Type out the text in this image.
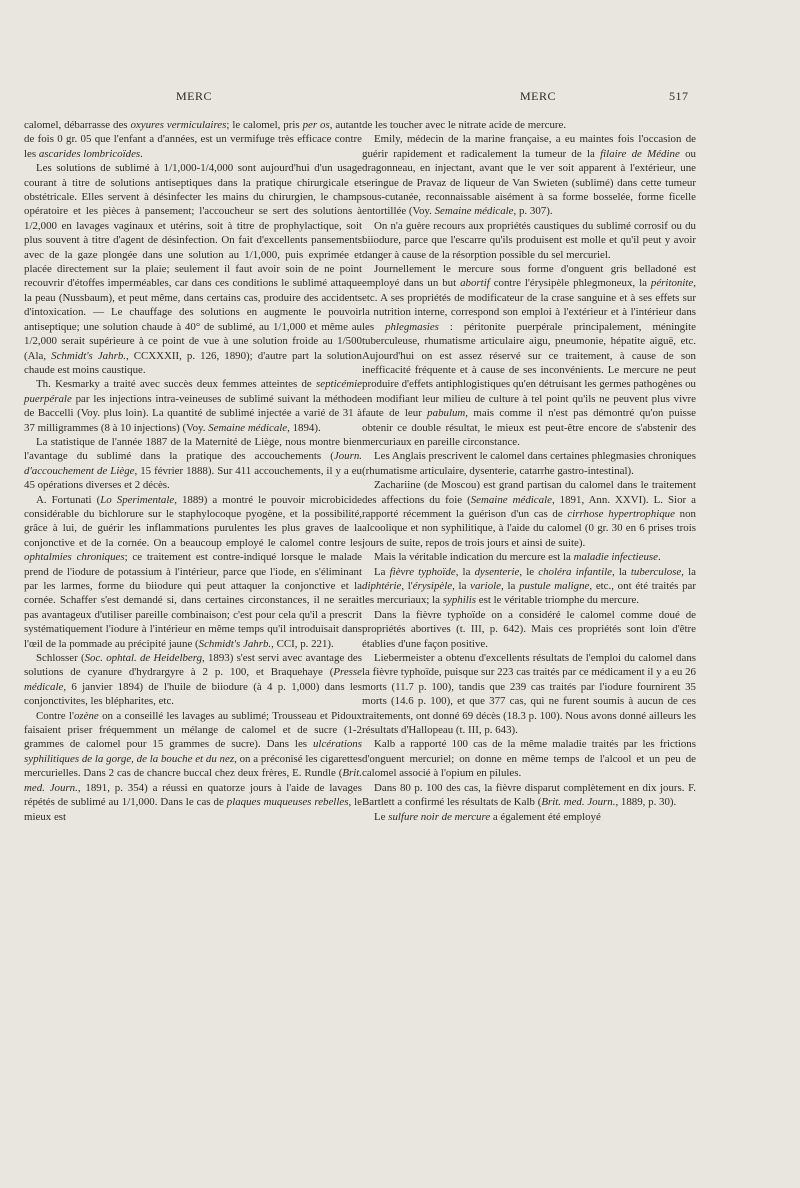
MERC	MERC	517

calomel, débarrasse des oxyures vermiculaires; le calomel, pris per os, autant de fois 0 gr. 05 que l'enfant a d'années, est un vermifuge très efficace contre les ascarides lombricoïdes.

Les solutions de sublimé à 1/1,000-1/4,000 sont aujourd'hui d'un usage courant à titre de solutions antiseptiques dans la pratique chirurgicale et obstétricale. Elles servent à désinfecter les mains du chirurgien, le champ opératoire et les pièces à pansement; l'accoucheur se sert des solutions à 1/2,000 en lavages vaginaux et utérins, soit à titre de prophylactique, soit plus souvent à titre d'agent de désinfection. On fait d'excellents pansements avec de la gaze plongée dans une solution au 1/1,000, puis exprimée et placée directement sur la plaie; seulement il faut avoir soin de ne point recouvrir d'étoffes imperméables, car dans ces conditions le sublimé attaque la peau (Nussbaum), et peut même, dans certains cas, produire des accidents d'intoxication. — Le chauffage des solutions en augmente le pouvoir antiseptique; une solution chaude à 40° de sublimé, au 1/1,000 et même au 1/2,000 serait supérieure à ce point de vue à une solution froide au 1/500 (Ala, Schmidt's Jahrb., CCXXXII, p. 126, 1890); d'autre part la solution chaude est moins caustique.

Th. Kesmarky a traité avec succès deux femmes atteintes de septicémie puerpérale par les injections intra-veineuses de sublimé suivant la méthode de Baccelli (Voy. plus loin). La quantité de sublimé injectée a varié de 31 à 37 milligrammes (8 à 10 injections) (Voy. Semaine médicale, 1894).

La statistique de l'année 1887 de la Maternité de Liège, nous montre bien l'avantage du sublimé dans la pratique des accouchements (Journ. d'accouchement de Liège, 15 février 1888). Sur 411 accouchements, il y a eu 45 opérations diverses et 2 décès.

A. Fortunati (Lo Sperimentale, 1889) a montré le pouvoir microbicide considérable du bichlorure sur le staphylocoque pyogène, et la possibilité, grâce à lui, de guérir les inflammations purulentes les plus graves de la conjonctive et de la cornée. On a beaucoup employé le calomel contre les ophtalmies chroniques; ce traitement est contre-indiqué lorsque le malade prend de l'iodure de potassium à l'intérieur, parce que l'iode, en s'éliminant par les larmes, forme du biiodure qui peut attaquer la conjonctive et la cornée. Schaffer s'est demandé si, dans certaines circonstances, il ne serait pas avantageux d'utiliser pareille combinaison; c'est pour cela qu'il a prescrit systématiquement l'iodure à l'intérieur en même temps qu'il introduisait dans l'œil de la pommade au précipité jaune (Schmidt's Jahrb., CCI, p. 221).

Schlosser (Soc. ophtal. de Heidelberg, 1893) s'est servi avec avantage des solutions de cyanure d'hydrargyre à 2 p. 100, et Braquehaye (Presse médicale, 6 janvier 1894) de l'huile de biiodure (à 4 p. 1,000) dans les conjonctivites, les blépharites, etc.

Contre l'ozène on a conseillé les lavages au sublimé; Trousseau et Pidoux faisaient priser fréquemment un mélange de calomel et de sucre (1-2 grammes de calomel pour 15 grammes de sucre). Dans les ulcérations syphilitiques de la gorge, de la bouche et du nez, on a préconisé les cigarettes mercurielles. Dans 2 cas de chancre buccal chez deux frères, E. Rundle (Brit. med. Journ., 1891, p. 354) a réussi en quatorze jours à l'aide de lavages répétés de sublimé au 1/1,000. Dans le cas de plaques muqueuses rebelles, le mieux est

de les toucher avec le nitrate acide de mercure.

Emily, médecin de la marine française, a eu maintes fois l'occasion de guérir rapidement et radicalement la tumeur de la filaire de Médine ou dragonneau, en injectant, avant que le ver soit apparent à l'extérieur, une seringue de Pravaz de liqueur de Van Swieten (sublimé) dans cette tumeur sous-cutanée, reconnaissable aisément à sa forme bosselée, forme ficelle entortillée (Voy. Semaine médicale, p. 307).

On n'a guère recours aux propriétés caustiques du sublimé corrosif ou du biiodure, parce que l'escarre qu'ils produisent est molle et qu'il peut y avoir danger à cause de la résorption possible du sel mercuriel.

Journellement le mercure sous forme d'onguent gris belladoné est employé dans un but abortif contre l'érysipèle phlegmoneux, la péritonite, etc. A ses propriétés de modificateur de la crase sanguine et à ses effets sur la nutrition interne, correspond son emploi à l'extérieur et à l'intérieur dans les phlegmasies : péritonite puerpérale principalement, méningite tuberculeuse, rhumatisme articulaire aigu, pneumonie, hépatite aiguë, etc. Aujourd'hui on est assez réservé sur ce traitement, à cause de son inefficacité fréquente et à cause de ses inconvénients. Le mercure ne peut produire d'effets antiphlogistiques qu'en détruisant les germes pathogènes ou en modifiant leur milieu de culture à tel point qu'ils ne peuvent plus vivre faute de leur pabulum, mais comme il n'est pas démontré qu'on puisse obtenir ce double résultat, le mieux est peut-être encore de s'abstenir des mercuriaux en pareille circonstance.

Les Anglais prescrivent le calomel dans certaines phlegmasies chroniques (rhumatisme articulaire, dysenterie, catarrhe gastro-intestinal).

Zachariine (de Moscou) est grand partisan du calomel dans le traitement des affections du foie (Semaine médicale, 1891, Ann. XXVI). L. Sior a rapporté récemment la guérison d'un cas de cirrhose hypertrophique non alcoolique et non syphilitique, à l'aide du calomel (0 gr. 30 en 6 prises trois jours de suite, repos de trois jours et ainsi de suite).

Mais la véritable indication du mercure est la maladie infectieuse.

La fièvre typhoïde, la dysenterie, le choléra infantile, la tuberculose, la diphtérie, l'érysipèle, la variole, la pustule maligne, etc., ont été traités par les mercuriaux; la syphilis est le véritable triomphe du mercure.

Dans la fièvre typhoïde on a considéré le calomel comme doué de propriétés abortives (t. III, p. 642). Mais ces propriétés sont loin d'être établies d'une façon positive.

Liebermeister a obtenu d'excellents résultats de l'emploi du calomel dans la fièvre typhoïde, puisque sur 223 cas traités par ce médicament il y a eu 26 morts (11.7 p. 100), tandis que 239 cas traités par l'iodure fournirent 35 morts (14.6 p. 100), et que 377 cas, qui ne furent soumis à aucun de ces traitements, ont donné 69 décès (18.3 p. 100). Nous avons donné ailleurs les résultats d'Hallopeau (t. III, p. 643).

Kalb a rapporté 100 cas de la même maladie traités par les frictions d'onguent mercuriel; on donne en même temps de l'alcool et un peu de calomel associé à l'opium en pilules.

Dans 80 p. 100 des cas, la fièvre disparut complètement en dix jours. F. Bartlett a confirmé les résultats de Kalb (Brit. med. Journ., 1889, p. 30).

Le sulfure noir de mercure a également été employé
